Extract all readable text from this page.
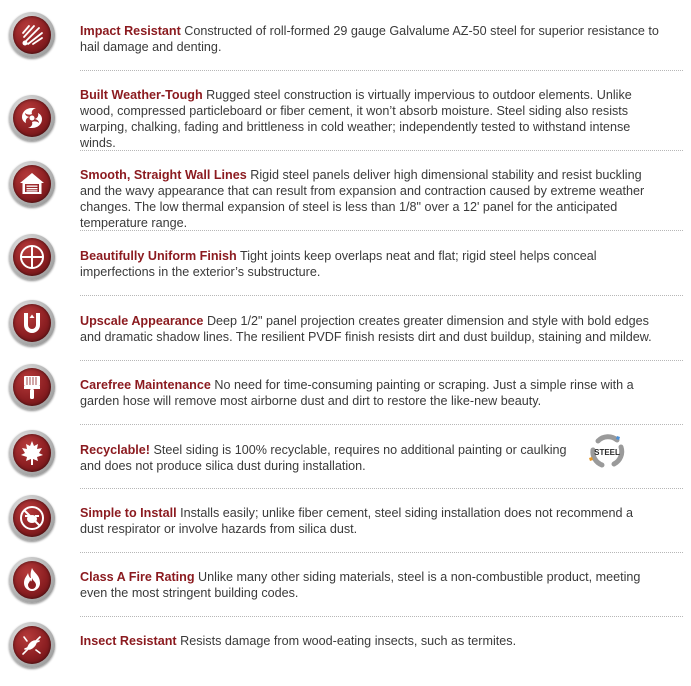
Impact Resistant Constructed of roll-formed 29 gauge Galvalume AZ-50 steel for superior resistance to hail damage and denting.
Built Weather-Tough Rugged steel construction is virtually impervious to outdoor elements. Unlike wood, compressed particleboard or fiber cement, it won’t absorb moisture. Steel siding also resists warping, chalking, fading and brittleness in cold weather; independently tested to withstand intense winds.
Smooth, Straight Wall Lines Rigid steel panels deliver high dimensional stability and resist buckling and the wavy appearance that can result from expansion and contraction caused by extreme weather changes. The low thermal expansion of steel is less than 1/8" over a 12' panel for the anticipated temperature range.
Beautifully Uniform Finish Tight joints keep overlaps neat and flat; rigid steel helps conceal imperfections in the exterior’s substructure.
Upscale Appearance Deep 1/2" panel projection creates greater dimension and style with bold edges and dramatic shadow lines. The resilient PVDF finish resists dirt and dust buildup, staining and mildew.
Carefree Maintenance No need for time-consuming painting or scraping. Just a simple rinse with a garden hose will remove most airborne dust and dirt to restore the like-new beauty.
Recyclable! Steel siding is 100% recyclable, requires no additional painting or caulking and does not produce silica dust during installation.
STEEL
Simple to Install Installs easily; unlike fiber cement, steel siding installation does not recommend a dust respirator or involve hazards from silica dust.
Class A Fire Rating Unlike many other siding materials, steel is a non-combustible product, meeting even the most stringent building codes.
Insect Resistant Resists damage from wood-eating insects, such as termites.
